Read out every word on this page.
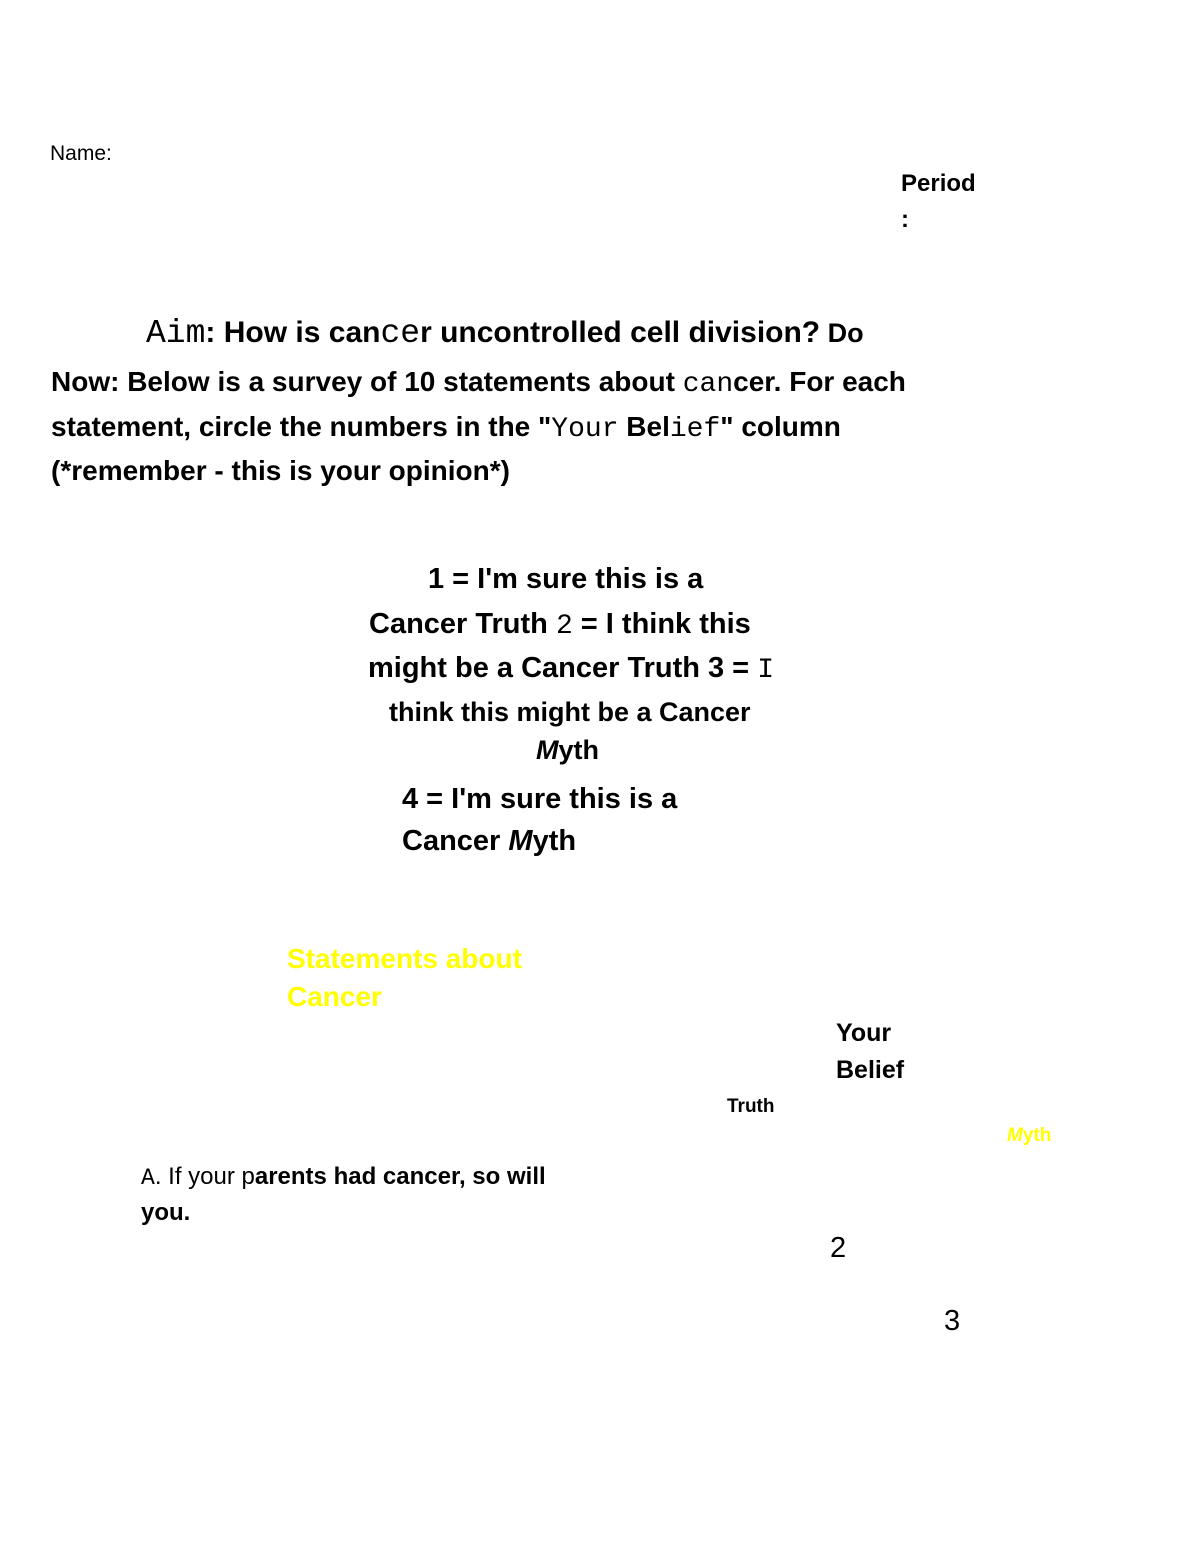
Name:
Period
:
Aim: How is cancer uncontrolled cell division? Do
Now: Below is a survey of 10 statements about cancer. For each
statement, circle the numbers in the "Your Belief" column
(*remember - this is your opinion*)
1 = I'm sure this is a
Cancer Truth 2 = I think this
might be a Cancer Truth 3 = I
think this might be a Cancer
Myth
4 = I'm sure this is a
Cancer Myth
Statements about
Cancer
Your
Belief
Truth
Myth
A. If your parents had cancer, so will
you.
2
3
